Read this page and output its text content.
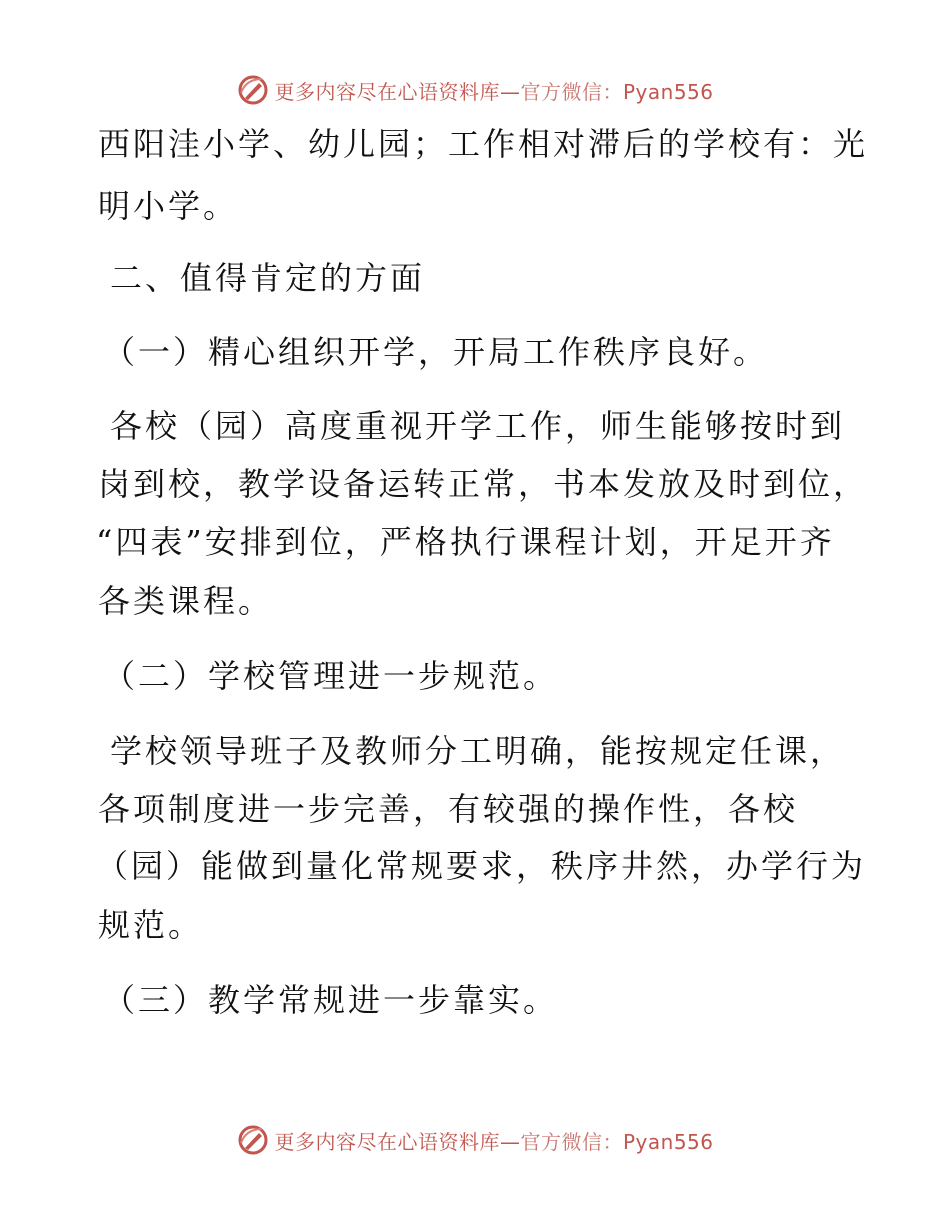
更多内容尽在心语资料库—官方微信：Pyan556
西阳洼小学、幼儿园；工作相对滞后的学校有：光
明小学。
二、值得肯定的方面
（一）精心组织开学，开局工作秩序良好。
各校（园）高度重视开学工作，师生能够按时到
岗到校，教学设备运转正常，书本发放及时到位，
“四表”安排到位，严格执行课程计划，开足开齐
各类课程。
（二）学校管理进一步规范。
学校领导班子及教师分工明确，能按规定任课，
各项制度进一步完善，有较强的操作性，各校
（园）能做到量化常规要求，秩序井然，办学行为
规范。
（三）教学常规进一步靠实。
更多内容尽在心语资料库—官方微信：Pyan556
